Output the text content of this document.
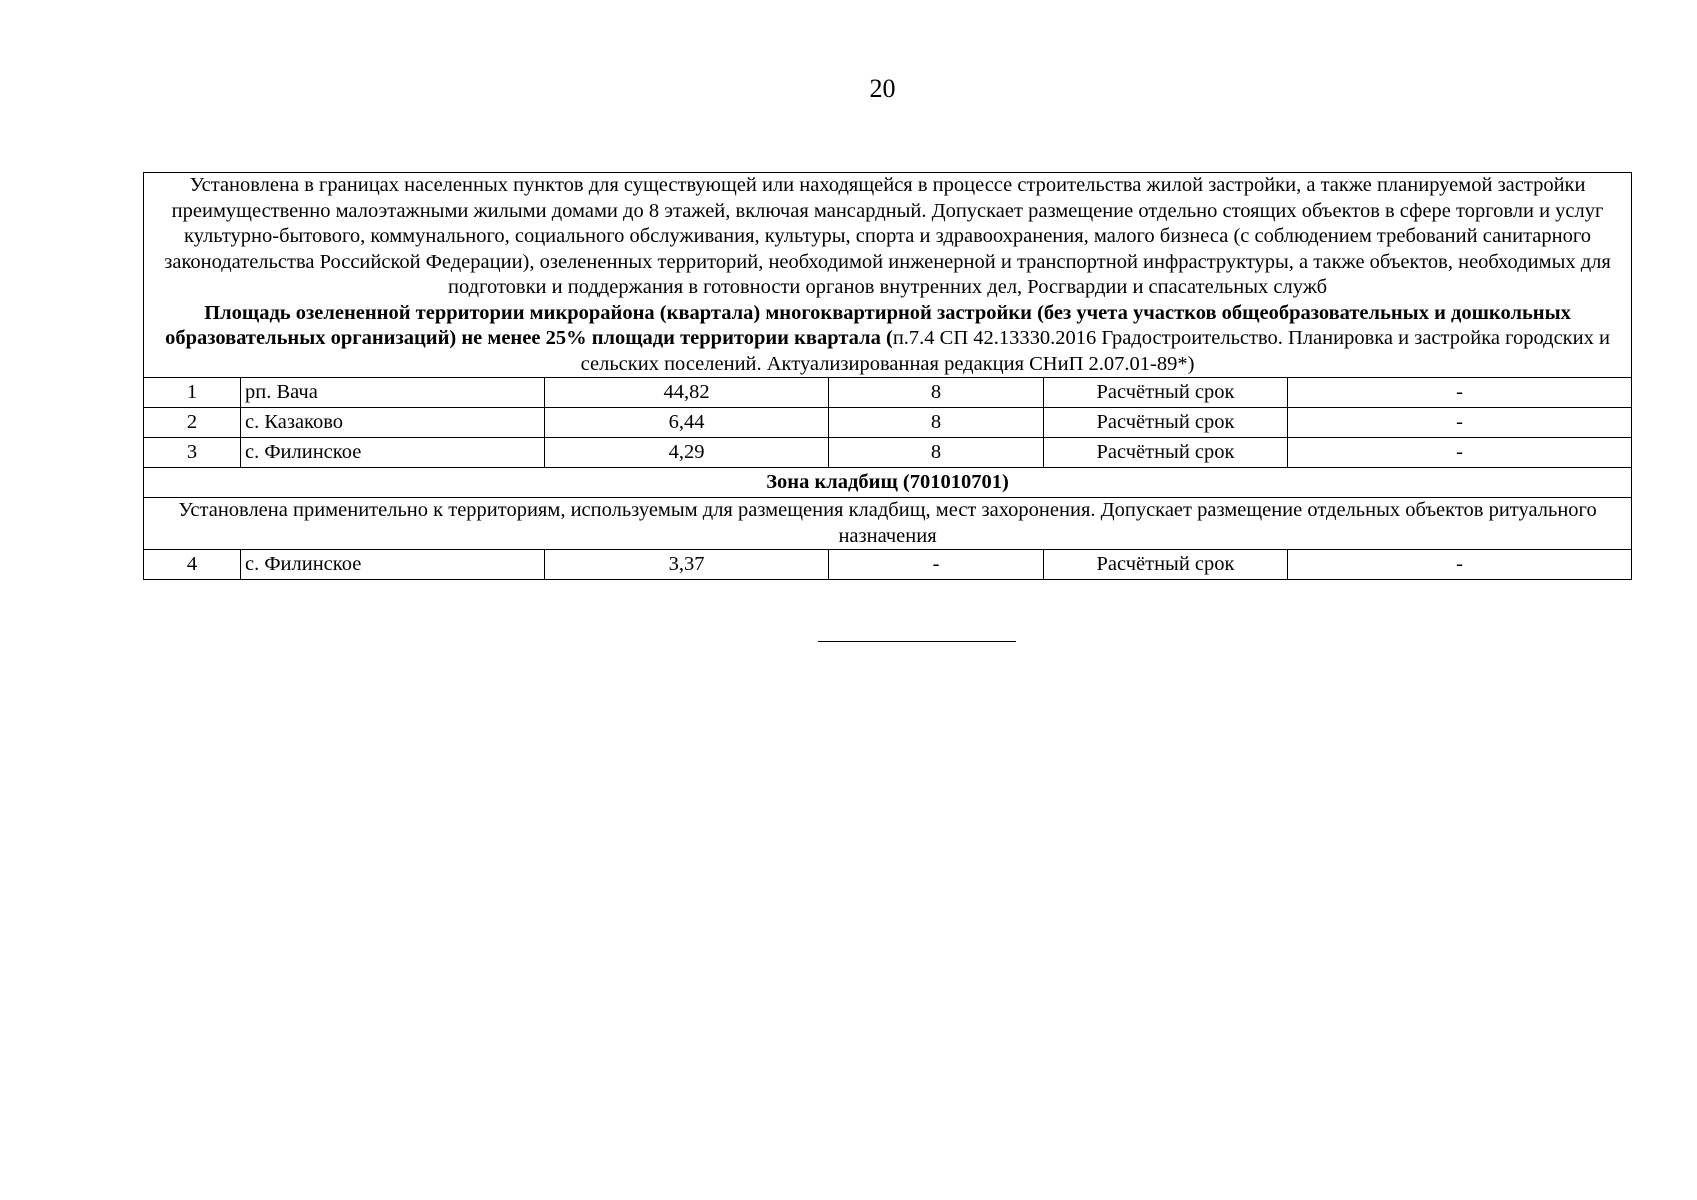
20
Установлена в границах населенных пунктов для существующей или находящейся в процессе строительства жилой застройки, а также планируемой застройки преимущественно малоэтажными жилыми домами до 8 этажей, включая мансардный. Допускает размещение отдельно стоящих объектов в сфере торговли и услуг культурно-бытового, коммунального, социального обслуживания, культуры, спорта и здравоохранения, малого бизнеса (с соблюдением требований санитарного законодательства Российской Федерации), озелененных территорий, необходимой инженерной и транспортной инфраструктуры, а также объектов, необходимых для подготовки и поддержания в готовности органов внутренних дел, Росгвардии и спасательных служб
Площадь озелененной территории микрорайона (квартала) многоквартирной застройки (без учета участков общеобразовательных и дошкольных образовательных организаций) не менее 25% площади территории квартала (п.7.4 СП 42.13330.2016 Градостроительство. Планировка и застройка городских и сельских поселений. Актуализированная редакция СНиП 2.07.01-89*)					
1	рп. Вача	44,82	8	Расчётный срок	-
2	с. Казаково	6,44	8	Расчётный срок	-
3	с. Филинское	4,29	8	Расчётный срок	-
Зона кладбищ (701010701)					
Установлена применительно к территориям, используемым для размещения кладбищ, мест захоронения. Допускает размещение отдельных объектов ритуального назначения					
4	с. Филинское	3,37	-	Расчётный срок	-
